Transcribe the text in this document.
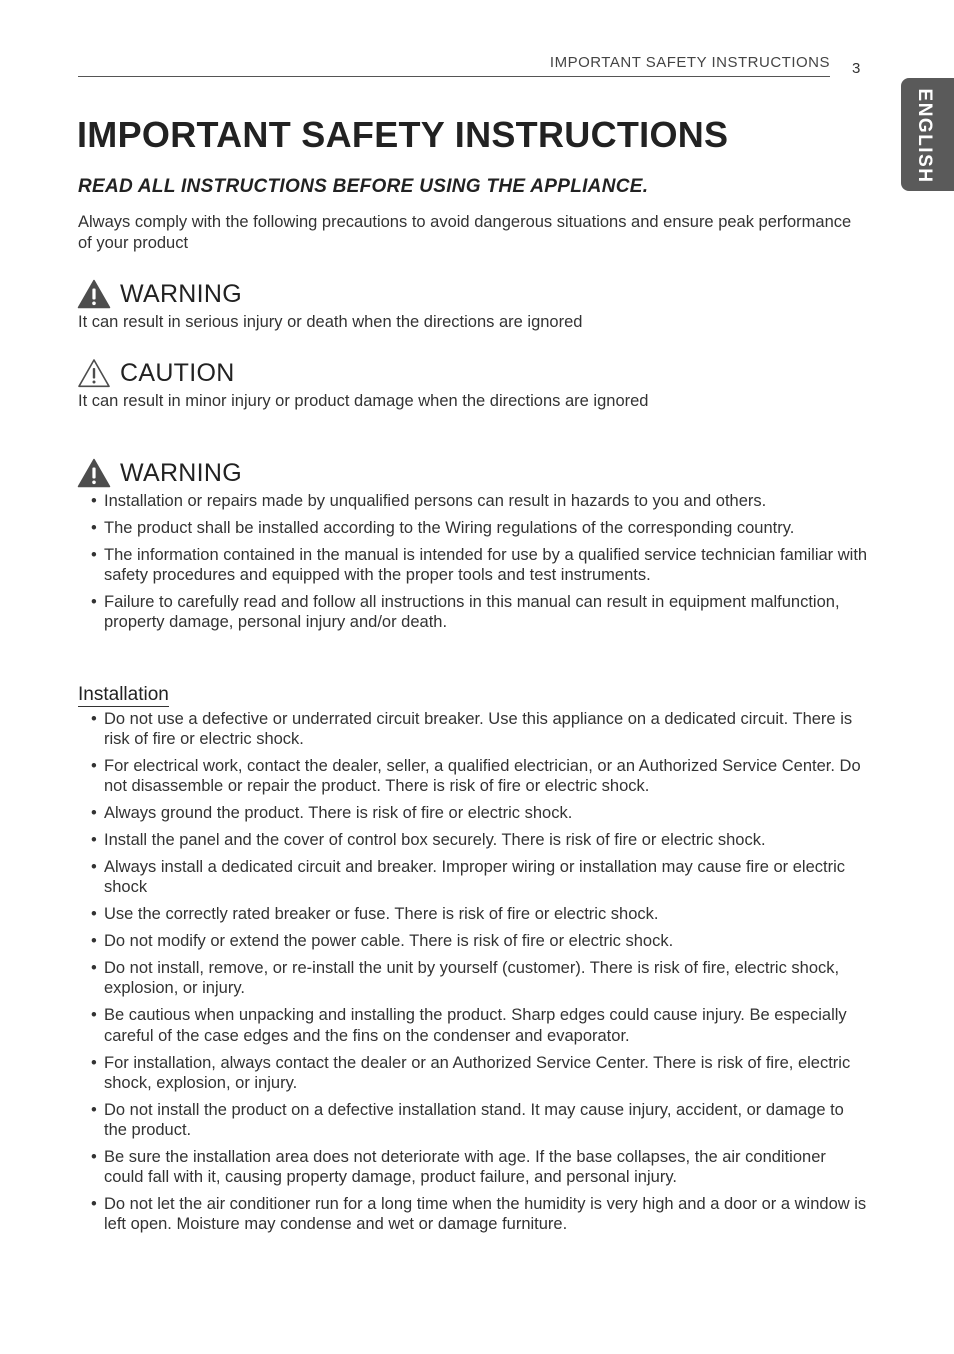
IMPORTANT SAFETY INSTRUCTIONS 3
ENGLISH
IMPORTANT SAFETY INSTRUCTIONS
READ ALL INSTRUCTIONS BEFORE USING THE APPLIANCE.

Always comply with the following precautions to avoid dangerous situations and ensure peak performance of your product

WARNING

It can result in serious injury or death when the directions are ignored

CAUTION

It can result in minor injury or product damage when the directions are ignored

WARNING
• Installation or repairs made by unqualified persons can result in hazards to you and others.
• The product shall be installed according to the Wiring regulations of the corresponding country.
• The information contained in the manual is intended for use by a qualified service technician familiar with safety procedures and equipped with the proper tools and test instruments.
• Failure to carefully read and follow all instructions in this manual can result in equipment malfunction, property damage, personal injury and/or death.
Installation
• Do not use a defective or underrated circuit breaker. Use this appliance on a dedicated circuit. There is risk of fire or electric shock.
• For electrical work, contact the dealer, seller, a qualified electrician, or an Authorized Service Center. Do not disassemble or repair the product. There is risk of fire or electric shock.
• Always ground the product. There is risk of fire or electric shock.
• Install the panel and the cover of control box securely. There is risk of fire or electric shock.
• Always install a dedicated circuit and breaker. Improper wiring or installation may cause fire or electric shock
• Use the correctly rated breaker or fuse. There is risk of fire or electric shock.
• Do not modify or extend the power cable. There is risk of fire or electric shock.
• Do not install, remove, or re-install the unit by yourself (customer). There is risk of fire, electric shock, explosion, or injury.
• Be cautious when unpacking and installing the product. Sharp edges could cause injury. Be especially careful of the case edges and the fins on the condenser and evaporator.
• For installation, always contact the dealer or an Authorized Service Center. There is risk of fire, electric shock, explosion, or injury.
• Do not install the product on a defective installation stand. It may cause injury, accident, or damage to the product.
• Be sure the installation area does not deteriorate with age. If the base collapses, the air conditioner could fall with it, causing property damage, product failure, and personal injury.
• Do not let the air conditioner run for a long time when the humidity is very high and a door or a window is left open. Moisture may condense and wet or damage furniture.
